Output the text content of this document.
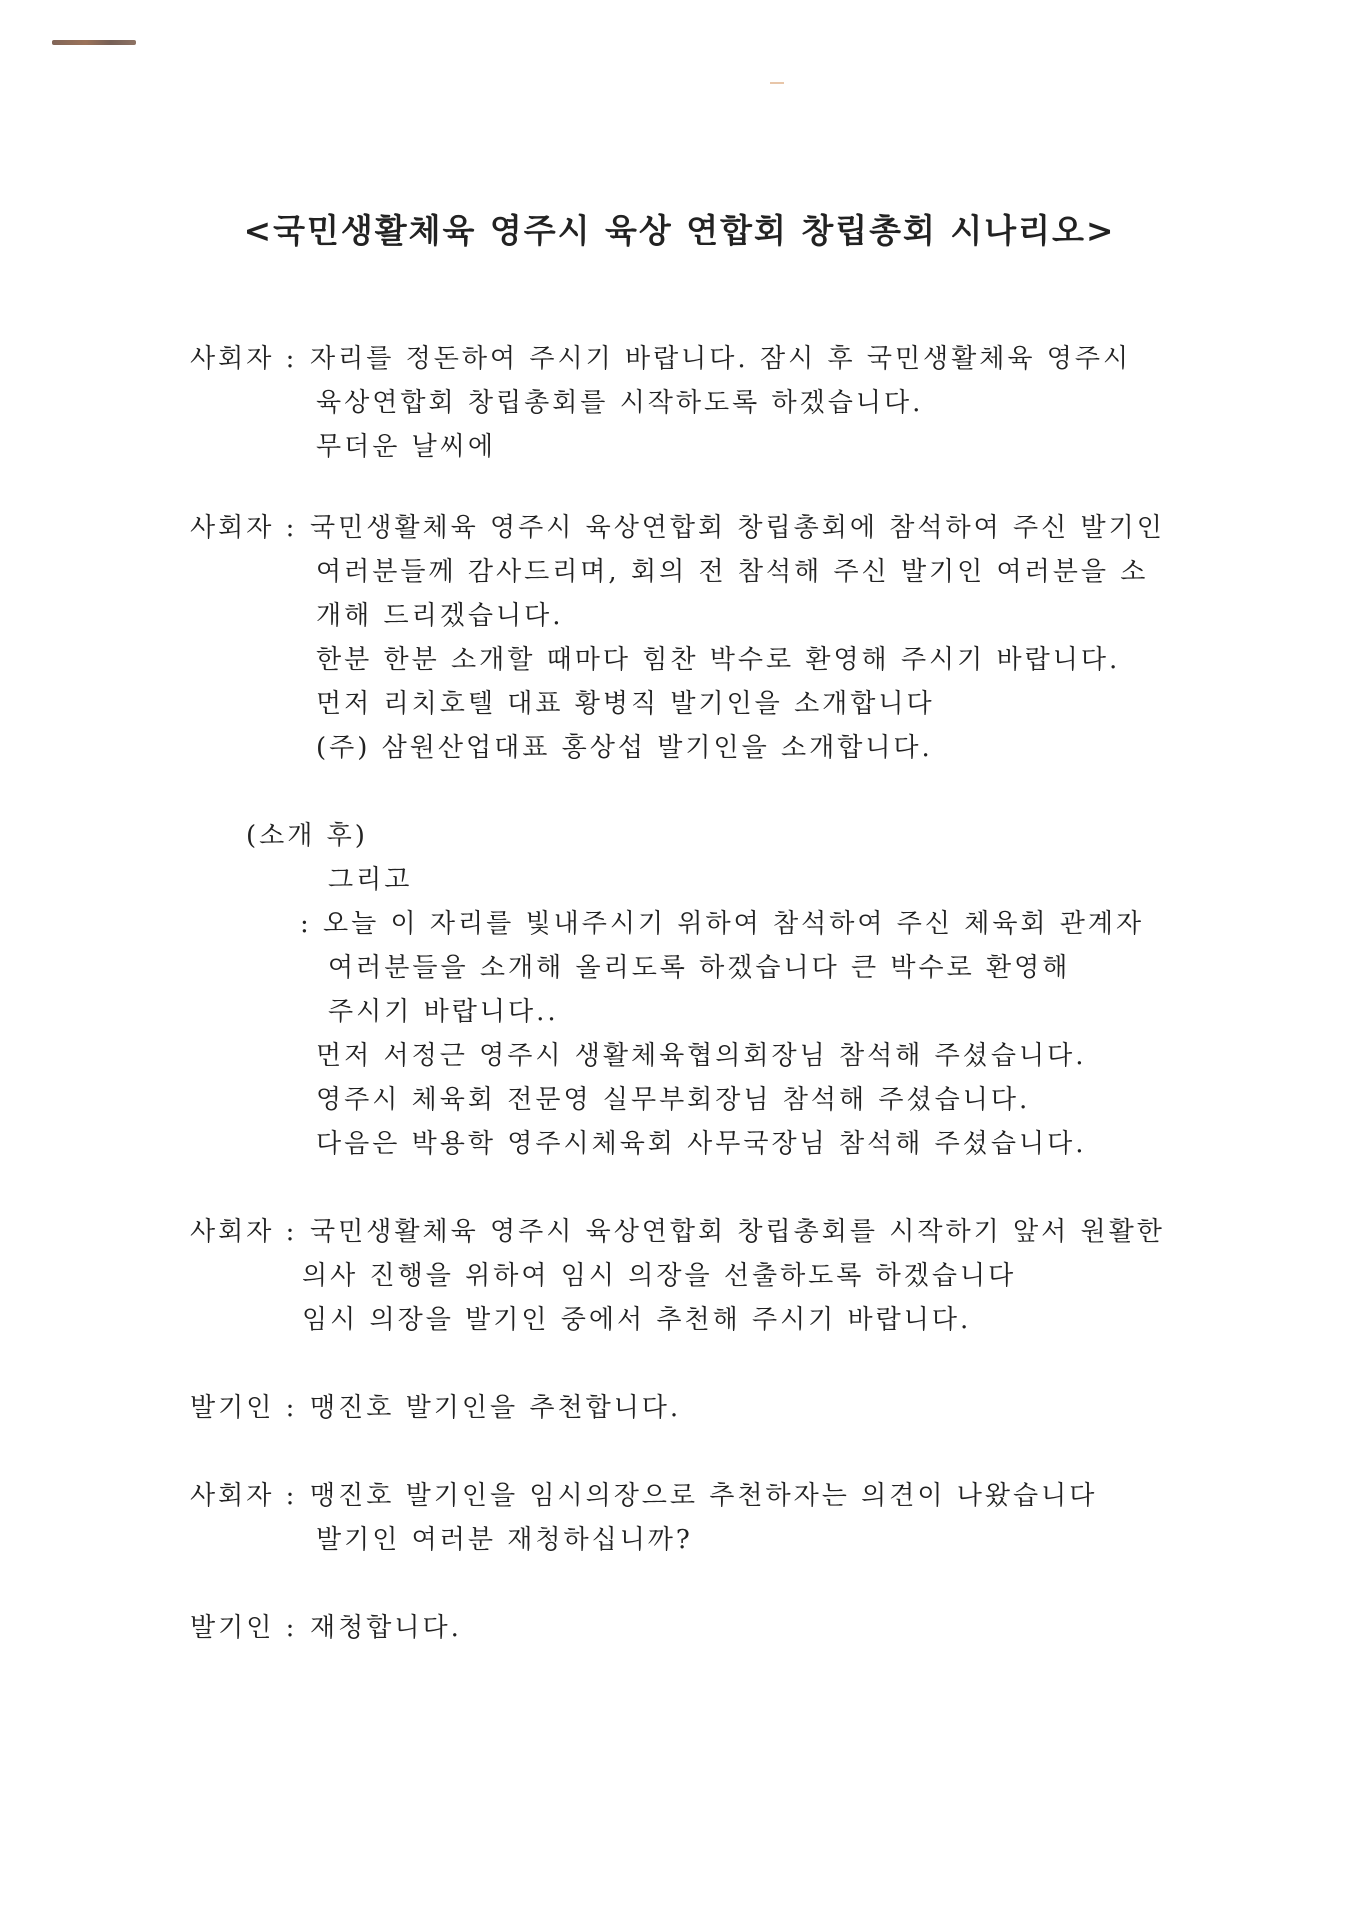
<국민생활체육 영주시 육상 연합회 창립총회 시나리오>
사회자 : 자리를 정돈하여 주시기 바랍니다. 잠시 후 국민생활체육 영주시
육상연합회 창립총회를 시작하도록 하겠습니다.
무더운 날씨에
사회자 : 국민생활체육 영주시 육상연합회 창립총회에 참석하여 주신 발기인
여러분들께 감사드리며, 회의 전 참석해 주신 발기인 여러분을 소
개해 드리겠습니다.
한분 한분 소개할 때마다 힘찬 박수로 환영해 주시기 바랍니다.
먼저 리치호텔 대표 황병직 발기인을 소개합니다
(주) 삼원산업대표 홍상섭 발기인을 소개합니다.
(소개 후)
그리고
: 오늘 이 자리를 빛내주시기 위하여 참석하여 주신 체육회 관계자
여러분들을 소개해 올리도록 하겠습니다 큰 박수로 환영해
주시기 바랍니다..
먼저 서정근 영주시 생활체육협의회장님 참석해 주셨습니다.
영주시 체육회 전문영 실무부회장님 참석해 주셨습니다.
다음은 박용학 영주시체육회 사무국장님 참석해 주셨습니다.
사회자 : 국민생활체육 영주시 육상연합회 창립총회를 시작하기 앞서 원활한
의사 진행을 위하여 임시 의장을 선출하도록 하겠습니다
임시 의장을 발기인 중에서 추천해 주시기 바랍니다.
발기인 : 맹진호 발기인을 추천합니다.
사회자 : 맹진호 발기인을 임시의장으로 추천하자는 의견이 나왔습니다
발기인 여러분 재청하십니까?
발기인 : 재청합니다.
